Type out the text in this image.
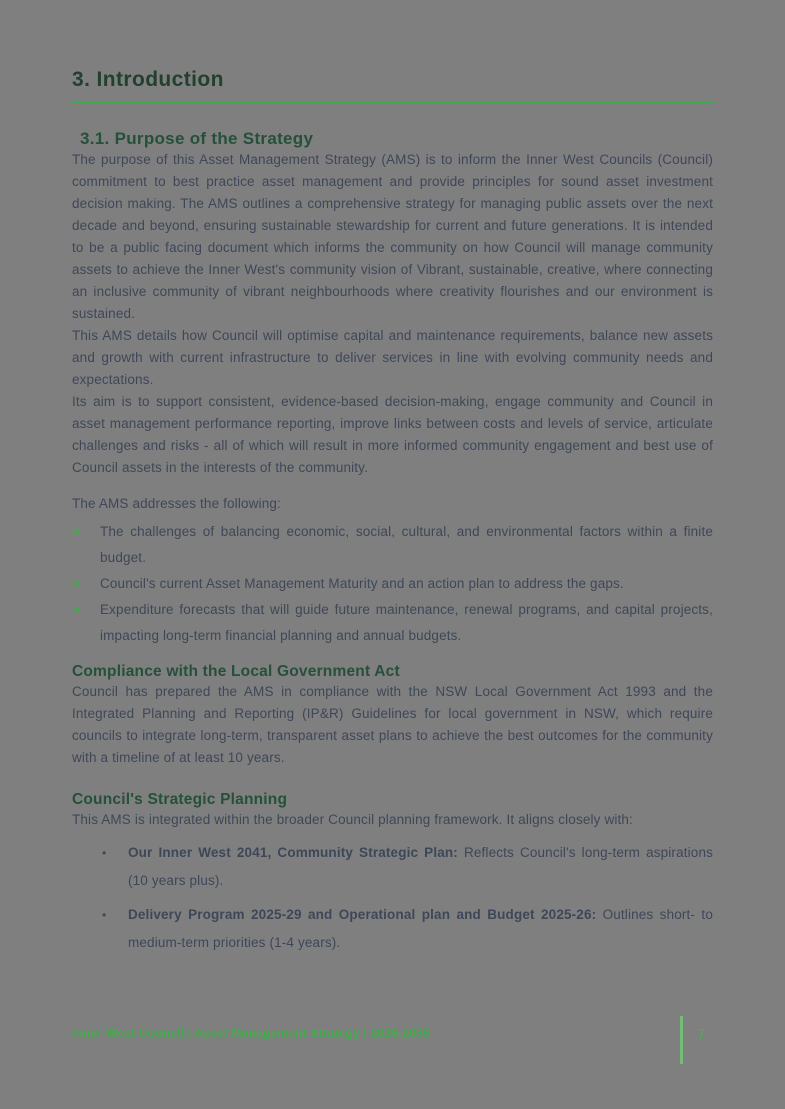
3. Introduction
3.1. Purpose of the Strategy

The purpose of this Asset Management Strategy (AMS) is to inform the Inner West Councils (Council) commitment to best practice asset management and provide principles for sound asset investment decision making. The AMS outlines a comprehensive strategy for managing public assets over the next decade and beyond, ensuring sustainable stewardship for current and future generations. It is intended to be a public facing document which informs the community on how Council will manage community assets to achieve the Inner West's community vision of Vibrant, sustainable, creative, where connecting an inclusive community of vibrant neighbourhoods where creativity flourishes and our environment is sustained.

This AMS details how Council will optimise capital and maintenance requirements, balance new assets and growth with current infrastructure to deliver services in line with evolving community needs and expectations.

Its aim is to support consistent, evidence-based decision-making, engage community and Council in asset management performance reporting, improve links between costs and levels of service, articulate challenges and risks - all of which will result in more informed community engagement and best use of Council assets in the interests of the community.

The AMS addresses the following:

>	The challenges of balancing economic, social, cultural, and environmental factors within a finite budget.
>	Council's current Asset Management Maturity and an action plan to address the gaps.
>	Expenditure forecasts that will guide future maintenance, renewal programs, and capital projects, impacting long-term financial planning and annual budgets.
Compliance with the Local Government Act

Council has prepared the AMS in compliance with the NSW Local Government Act 1993 and the Integrated Planning and Reporting (IP&R) Guidelines for local government in NSW, which require councils to integrate long-term, transparent asset plans to achieve the best outcomes for the community with a timeline of at least 10 years.

Council's Strategic Planning

This AMS is integrated within the broader Council planning framework. It aligns closely with:

•	Our Inner West 2041, Community Strategic Plan: Reflects Council's long-term aspirations (10 years plus).
•	Delivery Program 2025-29 and Operational plan and Budget 2025-26: Outlines short- to medium-term priorities (1-4 years).
Inner West Council | Asset Management Strategy | 2025-2035	7
